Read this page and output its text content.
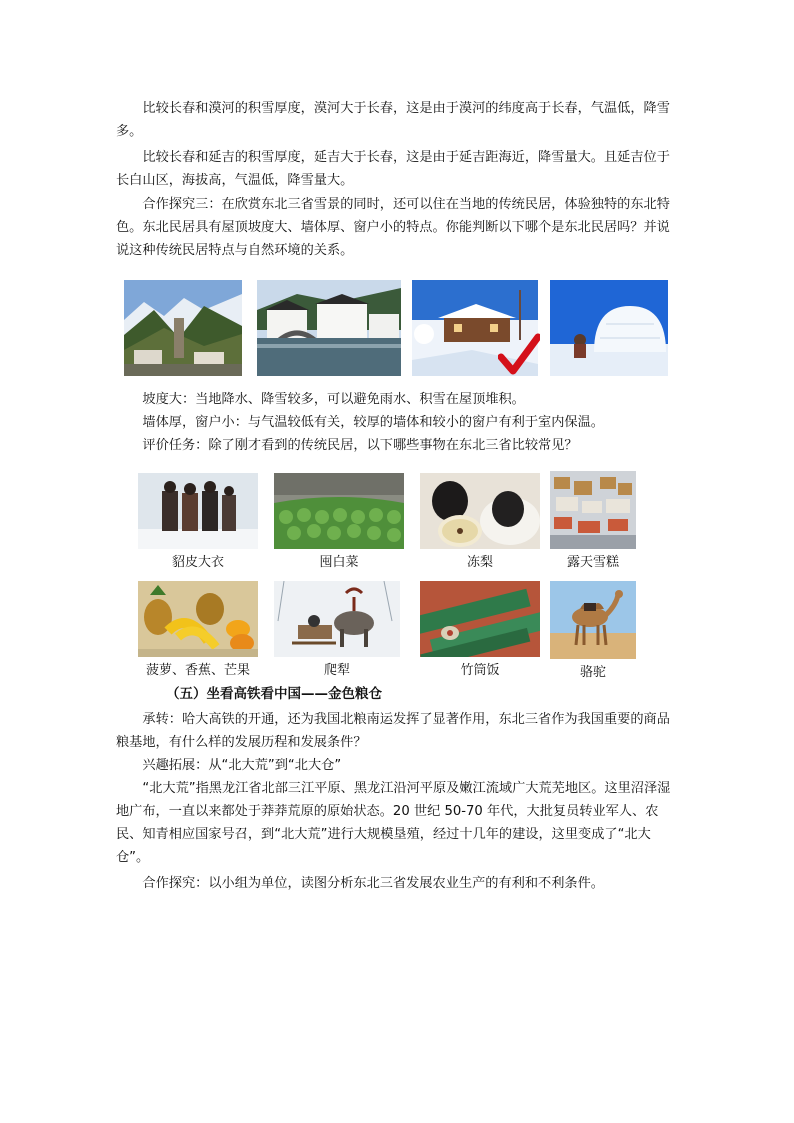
比较长春和漠河的积雪厚度，漠河大于长春，这是由于漠河的纬度高于长春，气温低，降雪多。

比较长春和延吉的积雪厚度，延吉大于长春，这是由于延吉距海近，降雪量大。且延吉位于长白山区，海拔高，气温低，降雪量大。

合作探究三：在欣赏东北三省雪景的同时，还可以住在当地的传统民居，体验独特的东北特色。东北民居具有屋顶坡度大、墙体厚、窗户小的特点。你能判断以下哪个是东北民居吗？并说说这种传统民居特点与自然环境的关系。

坡度大：当地降水、降雪较多，可以避免雨水、积雪在屋顶堆积。

墙体厚，窗户小：与气温较低有关，较厚的墙体和较小的窗户有利于室内保温。

评价任务：除了刚才看到的传统民居，以下哪些事物在东北三省比较常见？

貂皮大衣	囤白菜	冻梨	露天雪糕
菠萝、香蕉、芒果	爬犁	竹筒饭	骆驼
（五）坐看高铁看中国——金色粮仓

承转：哈大高铁的开通，还为我国北粮南运发挥了显著作用，东北三省作为我国重要的商品粮基地，有什么样的发展历程和发展条件？

兴趣拓展：从“北大荒”到“北大仓”

“北大荒”指黑龙江省北部三江平原、黑龙江沿河平原及嫩江流域广大荒芜地区。这里沼泽湿地广布，一直以来都处于莽莽荒原的原始状态。20 世纪 50-70 年代，大批复员转业军人、农民、知青相应国家号召，到“北大荒”进行大规模垦殖，经过十几年的建设，这里变成了“北大仓”。

合作探究：以小组为单位，读图分析东北三省发展农业生产的有利和不利条件。
